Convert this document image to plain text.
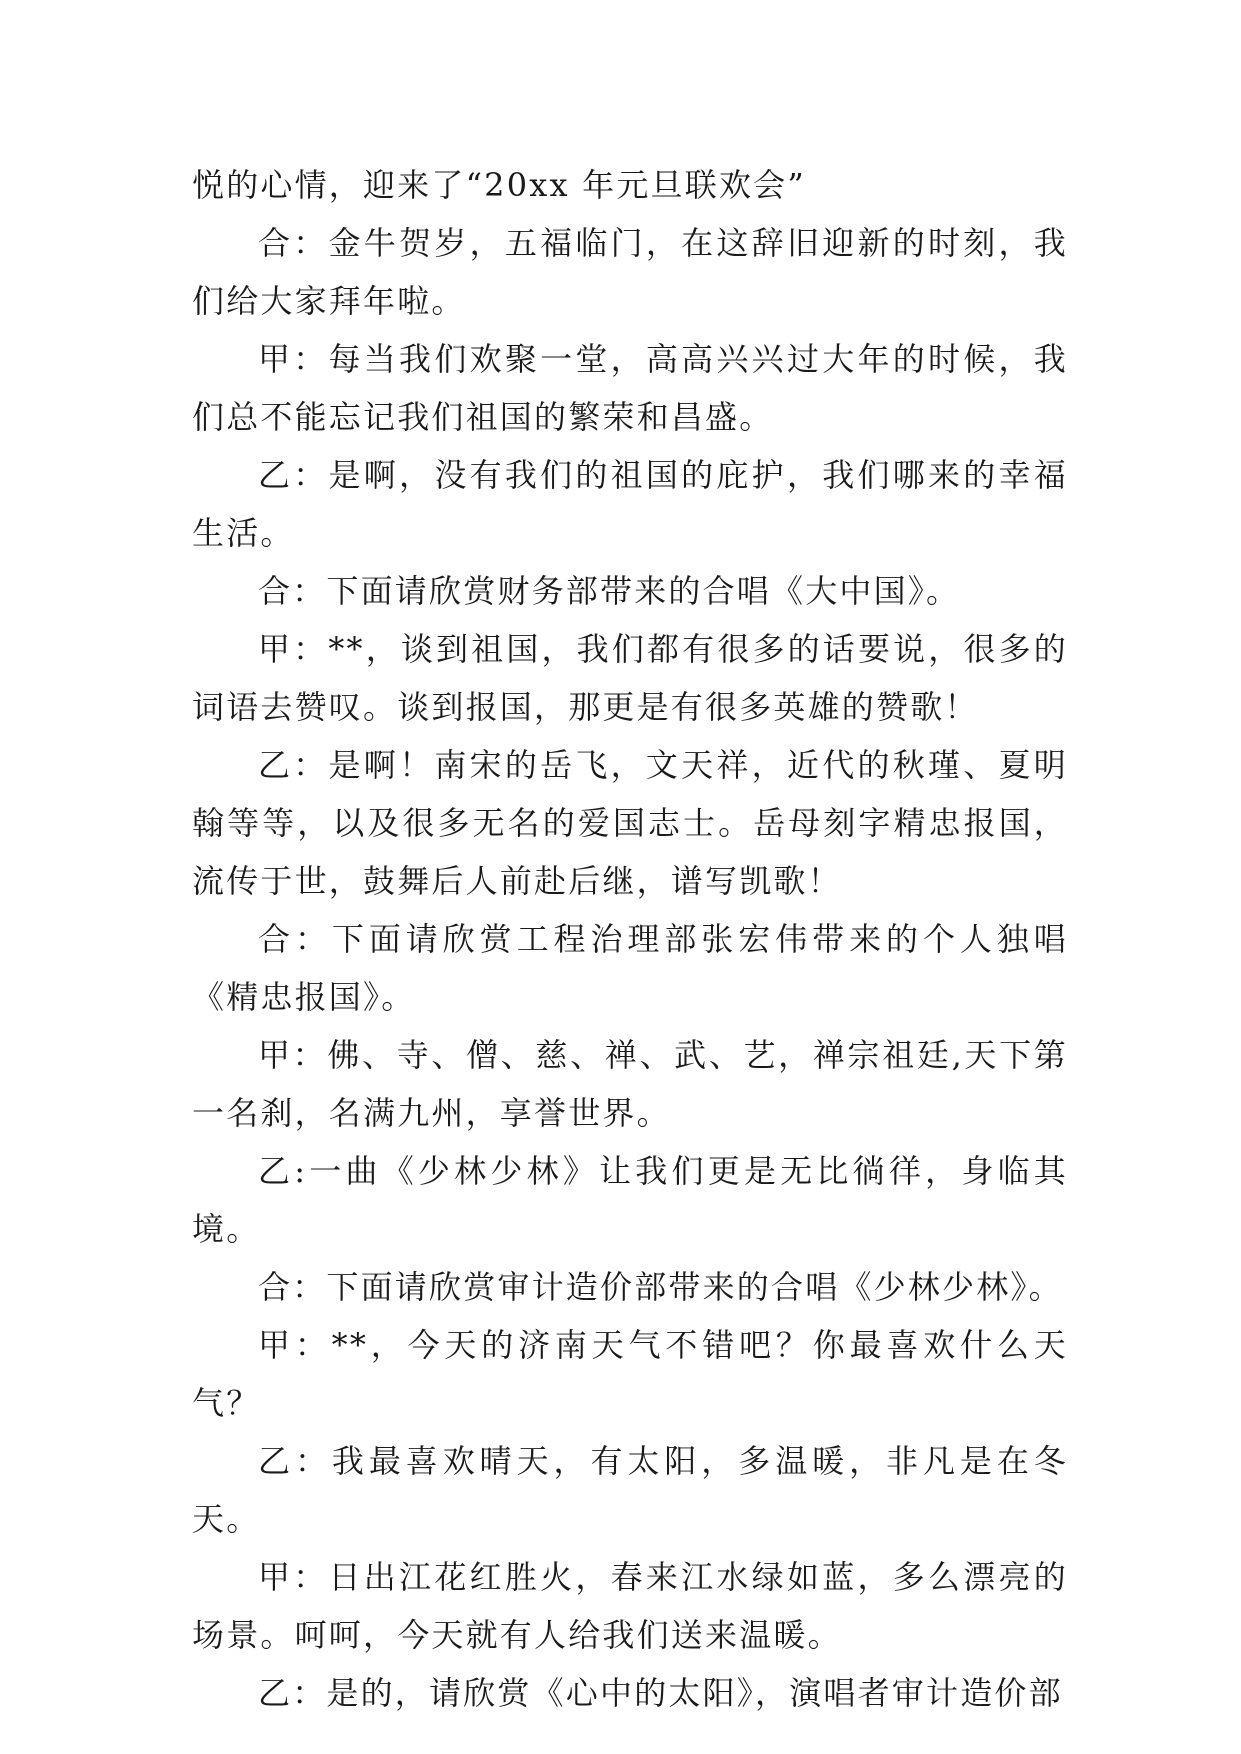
悦的心情，迎来了“20xx 年元旦联欢会”

合：金牛贺岁，五福临门，在这辞旧迎新的时刻，我们给大家拜年啦。

甲：每当我们欢聚一堂，高高兴兴过大年的时候，我们总不能忘记我们祖国的繁荣和昌盛。

乙：是啊，没有我们的祖国的庇护，我们哪来的幸福生活。

合：下面请欣赏财务部带来的合唱《大中国》。

甲：**，谈到祖国，我们都有很多的话要说，很多的词语去赞叹。谈到报国，那更是有很多英雄的赞歌！

乙：是啊！南宋的岳飞，文天祥，近代的秋瑾、夏明翰等等，以及很多无名的爱国志士。岳母刻字精忠报国，流传于世，鼓舞后人前赴后继，谱写凯歌！

合：下面请欣赏工程治理部张宏伟带来的个人独唱《精忠报国》。

甲：佛、寺、僧、慈、禅、武、艺，禅宗祖廷,天下第一名刹，名满九州，享誉世界。

乙:一曲《少林少林》让我们更是无比徜徉，身临其境。

合：下面请欣赏审计造价部带来的合唱《少林少林》。

甲：**，今天的济南天气不错吧？你最喜欢什么天气？

乙：我最喜欢晴天，有太阳，多温暖，非凡是在冬天。

甲：日出江花红胜火，春来江水绿如蓝，多么漂亮的场景。呵呵，今天就有人给我们送来温暖。

乙：是的，请欣赏《心中的太阳》，演唱者审计造价部
